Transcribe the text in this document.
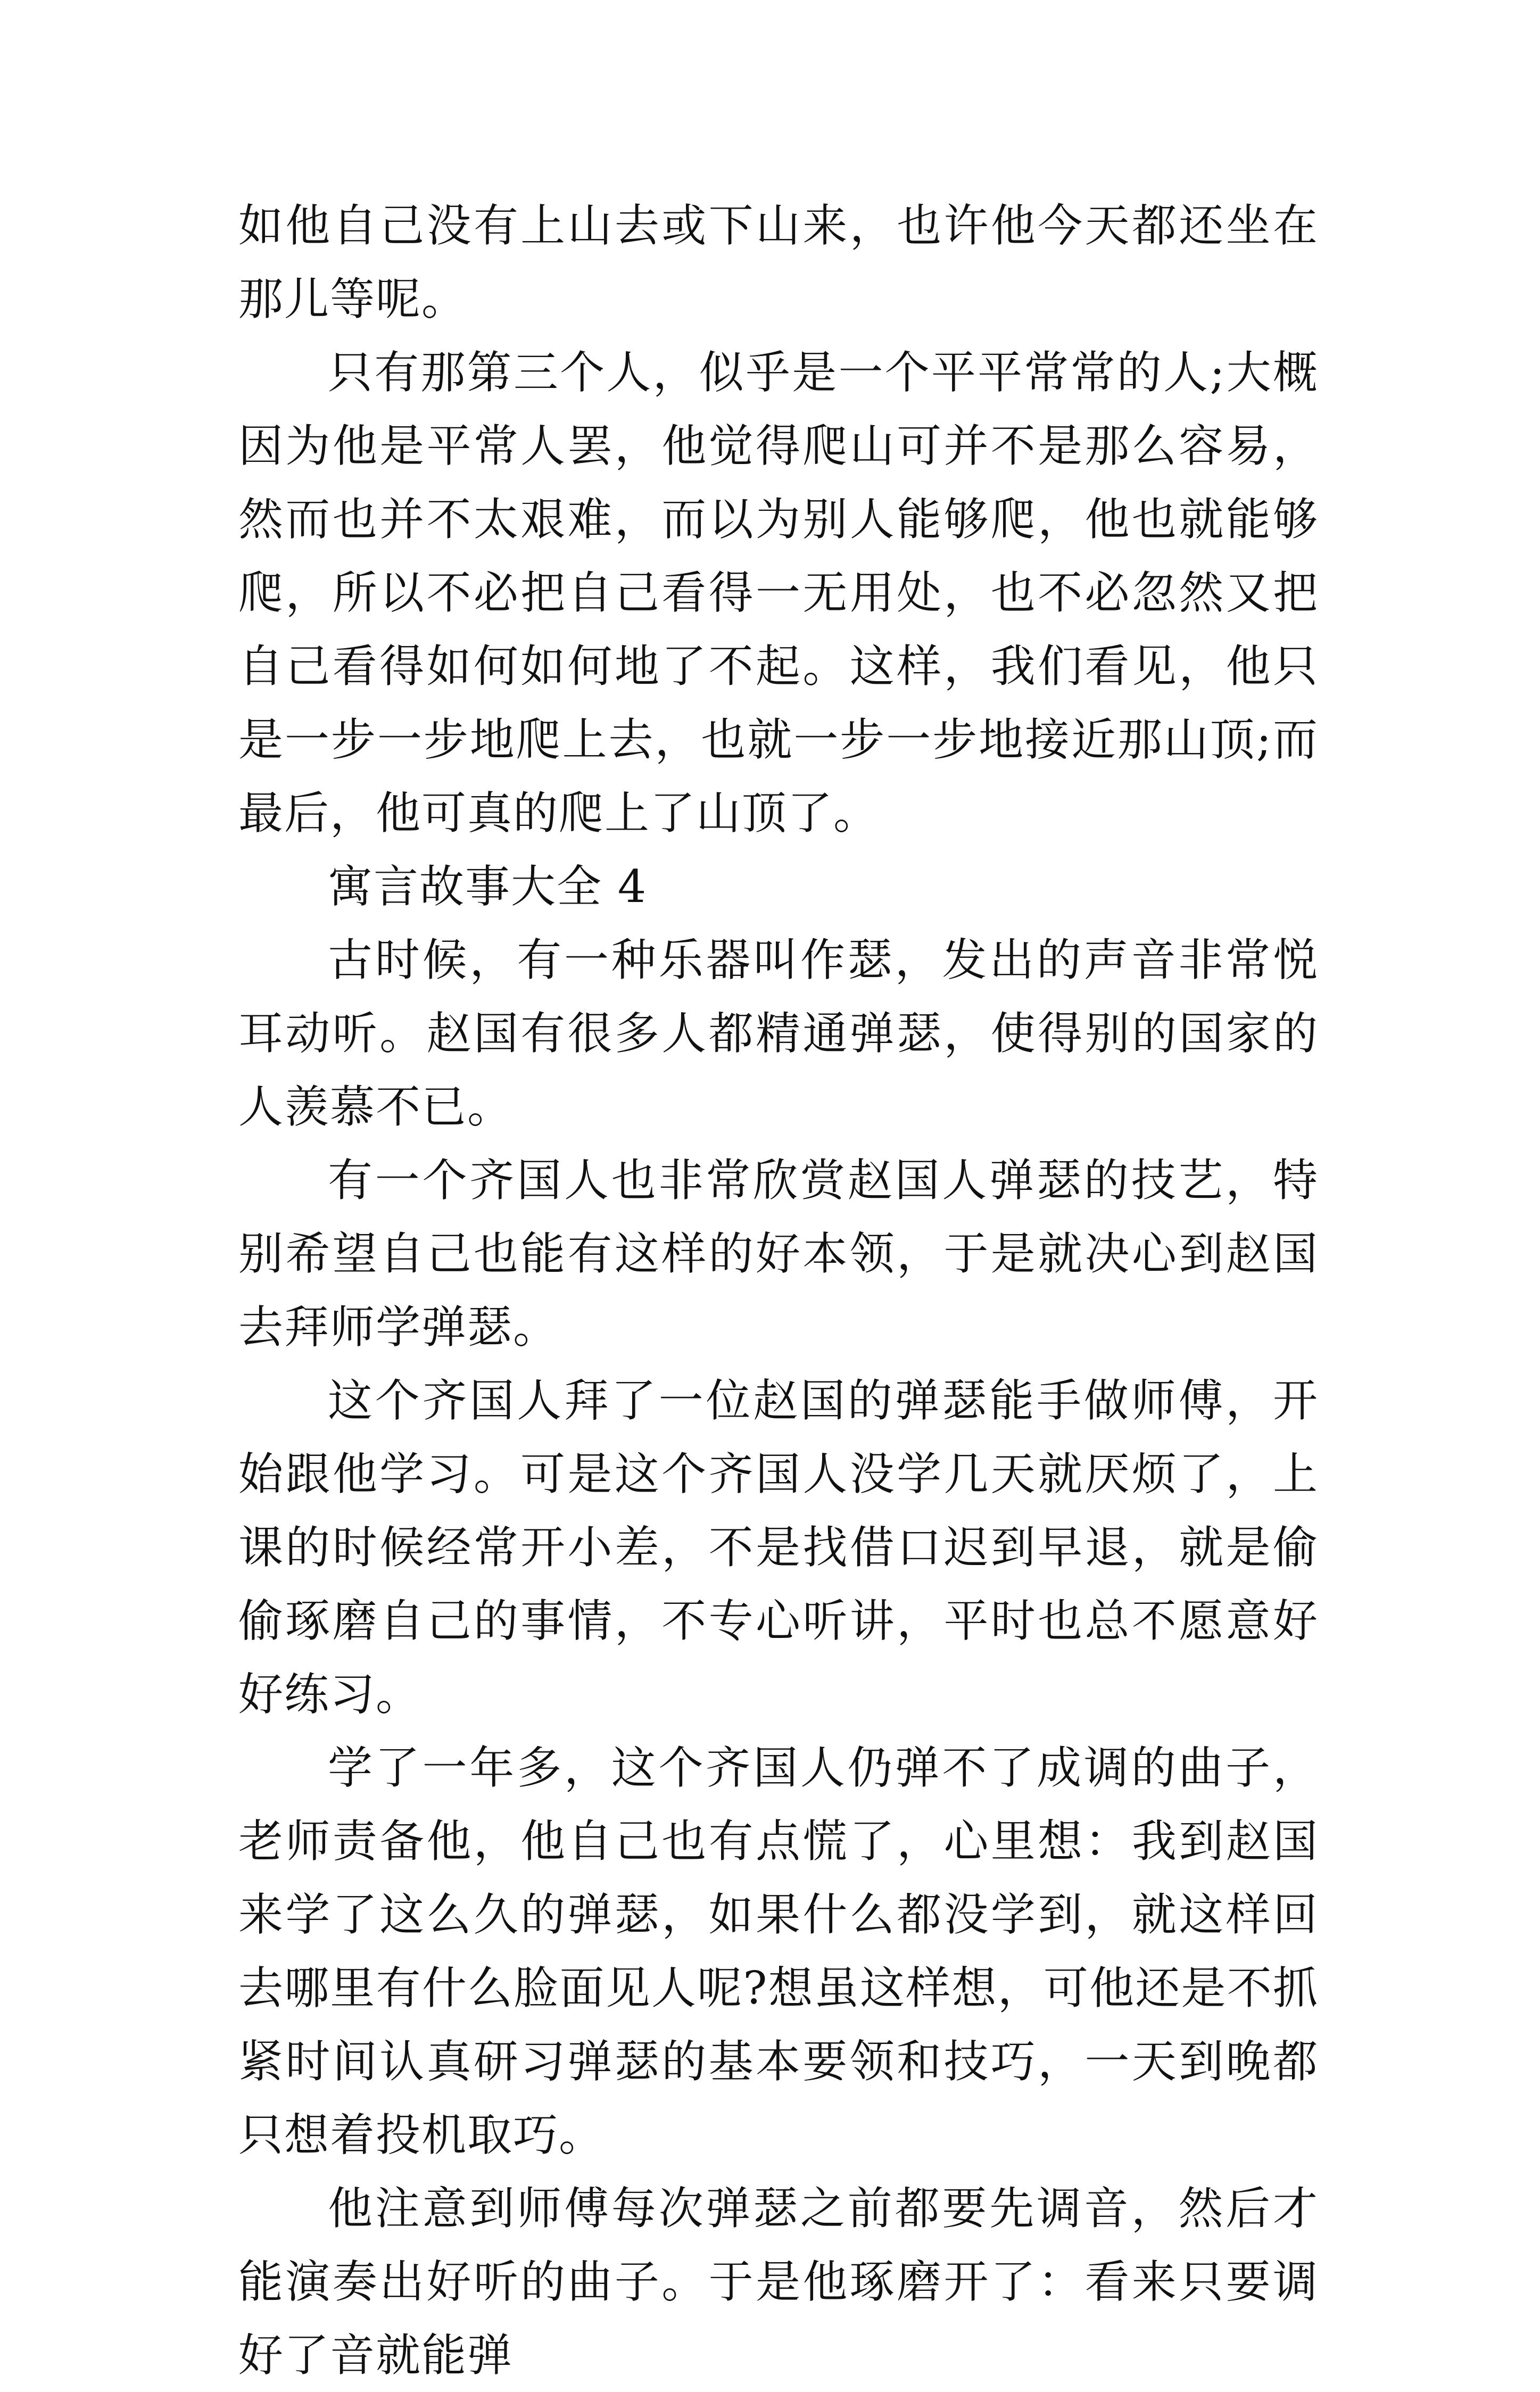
如他自己没有上山去或下山来，也许他今天都还坐在那儿等呢。

只有那第三个人，似乎是一个平平常常的人;大概因为他是平常人罢，他觉得爬山可并不是那么容易，然而也并不太艰难，而以为别人能够爬，他也就能够爬，所以不必把自己看得一无用处，也不必忽然又把自己看得如何如何地了不起。这样，我们看见，他只是一步一步地爬上去，也就一步一步地接近那山顶;而最后，他可真的爬上了山顶了。

寓言故事大全 4

古时候，有一种乐器叫作瑟，发出的声音非常悦耳动听。赵国有很多人都精通弹瑟，使得别的国家的人羡慕不已。

有一个齐国人也非常欣赏赵国人弹瑟的技艺，特别希望自己也能有这样的好本领，于是就决心到赵国去拜师学弹瑟。

这个齐国人拜了一位赵国的弹瑟能手做师傅，开始跟他学习。可是这个齐国人没学几天就厌烦了，上课的时候经常开小差，不是找借口迟到早退，就是偷偷琢磨自己的事情，不专心听讲，平时也总不愿意好好练习。

学了一年多，这个齐国人仍弹不了成调的曲子，老师责备他，他自己也有点慌了，心里想：我到赵国来学了这么久的弹瑟，如果什么都没学到，就这样回去哪里有什么脸面见人呢?想虽这样想，可他还是不抓紧时间认真研习弹瑟的基本要领和技巧，一天到晚都只想着投机取巧。

他注意到师傅每次弹瑟之前都要先调音，然后才能演奏出好听的曲子。于是他琢磨开了：看来只要调好了音就能弹
